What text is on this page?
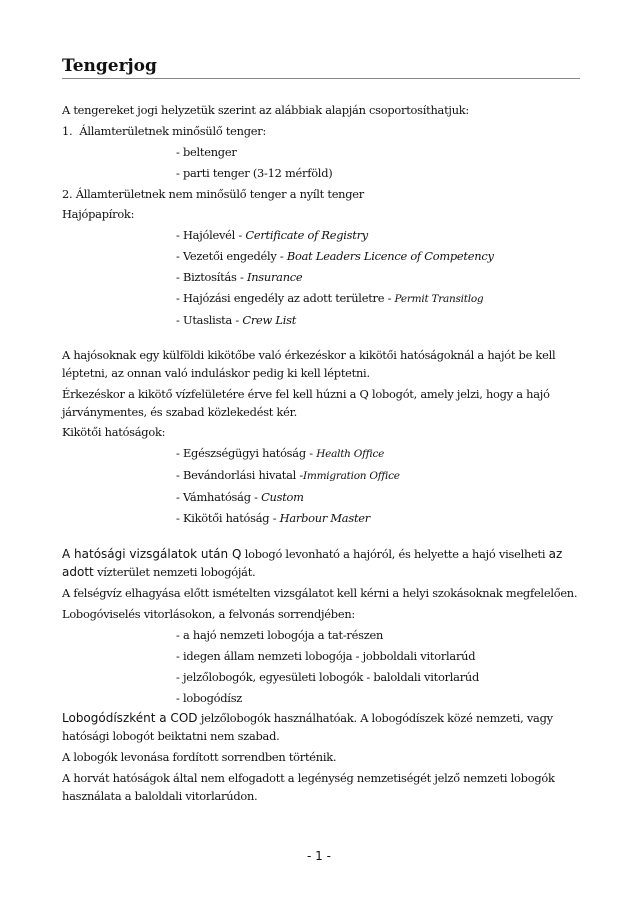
Tengerjog

A tengereket jogi helyzetük szerint az alábbiak alapján csoportosíthatjuk:

1. Államterületnek minősülő tenger:

- beltenger

- parti tenger (3-12 mérföld)

2. Államterületnek nem minősülő tenger a nyílt tenger

Hajópapírok:

- Hajólevél - Certificate of Registry

- Vezetői engedély - Boat Leaders Licence of Competency

- Biztosítás - Insurance

- Hajózási engedély az adott területre - Permit Transitlog

- Utaslista - Crew List

A hajósoknak egy külföldi kikötőbe való érkezéskor a kikötői hatóságoknál a hajót be kell léptetni, az onnan való induláskor pedig ki kell léptetni.

Érkezéskor a kikötő vízfelületére érve fel kell húzni a Q lobogót, amely jelzi, hogy a hajó járványmentes, és szabad közlekedést kér.

Kikötői hatóságok:

- Egészségügyi hatóság - Health Office

- Bevándorlási hivatal -Immigration Office

- Vámhatóság - Custom

- Kikötői hatóság - Harbour Master

A hatósági vizsgálatok után Q lobogó levonható a hajóról, és helyette a hajó viselheti az adott vízterület nemzeti lobogóját.

A felségvíz elhagyása előtt ismételten vizsgálatot kell kérni a helyi szokásoknak megfelelően.

Lobogóviselés vitorlásokon, a felvonás sorrendjében:

- a hajó nemzeti lobogója a tat-részen

- idegen állam nemzeti lobogója - jobboldali vitorlarúd

- jelzőlobogók, egyesületi lobogók - baloldali vitorlarúd

- lobogódísz

Lobogódíszként a COD jelzőlobogók használhatóak. A lobogódíszek közé nemzeti, vagy hatósági lobogót beiktatni nem szabad.

A lobogók levonása fordított sorrendben történik.

A horvát hatóságok által nem elfogadott a legénység nemzetiségét jelző nemzeti lobogók használata a baloldali vitorlarúdon.

- 1 -
